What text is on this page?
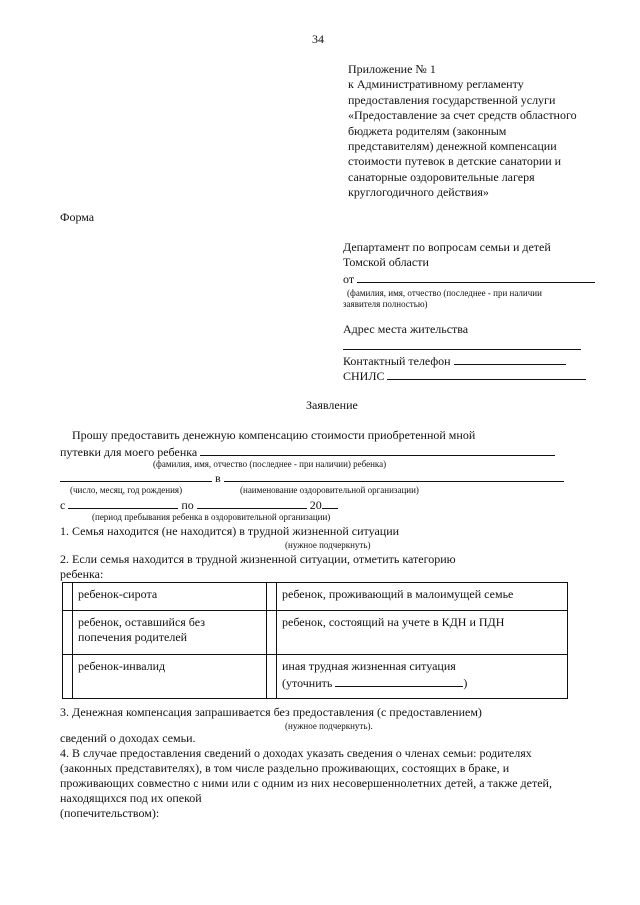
34
Приложение № 1
к Административному регламенту
предоставления государственной услуги
«Предоставление за счет средств областного
бюджета родителям (законным
представителям) денежной компенсации
стоимости путевок в детские санатории и
санаторные оздоровительные лагеря
круглогодичного действия»
Форма
Департамент по вопросам семьи и детей
Томской области
от
(фамилия, имя, отчество (последнее - при наличии
заявителя полностью)
Адрес места жительства
Контактный телефон
СНИЛС
Заявление
Прошу предоставить денежную компенсацию стоимости приобретенной мной
путевки для моего ребенка
(фамилия, имя, отчество (последнее - при наличии) ребенка)
в
(число, месяц, год рождения)	(наименование оздоровительной организации)
с	по	20
(период пребывания ребенка в оздоровительной организации)
1. Семья находится (не находится) в трудной жизненной ситуации
(нужное подчеркнуть)
2. Если семья находится в трудной жизненной ситуации, отметить категорию
ребенка:
	ребенок-сирота		ребенок, проживающий в малоимущей семье

	ребенок, оставшийся без
попечения родителей		ребенок, состоящий на учете в КДН и ПДН
	ребенок-инвалид		иная трудная жизненная ситуация
(уточнить )
3. Денежная компенсация запрашивается без предоставления (с предоставлением)
(нужное подчеркнуть).
сведений о доходах семьи.
4. В случае предоставления сведений о доходах указать сведения о членах семьи: родителях
(законных представителях), в том числе раздельно проживающих, состоящих в браке, и
проживающих совместно с ними или с одним из них несовершеннолетних детей, а также детей,
находящихся под их опекой
(попечительством):
